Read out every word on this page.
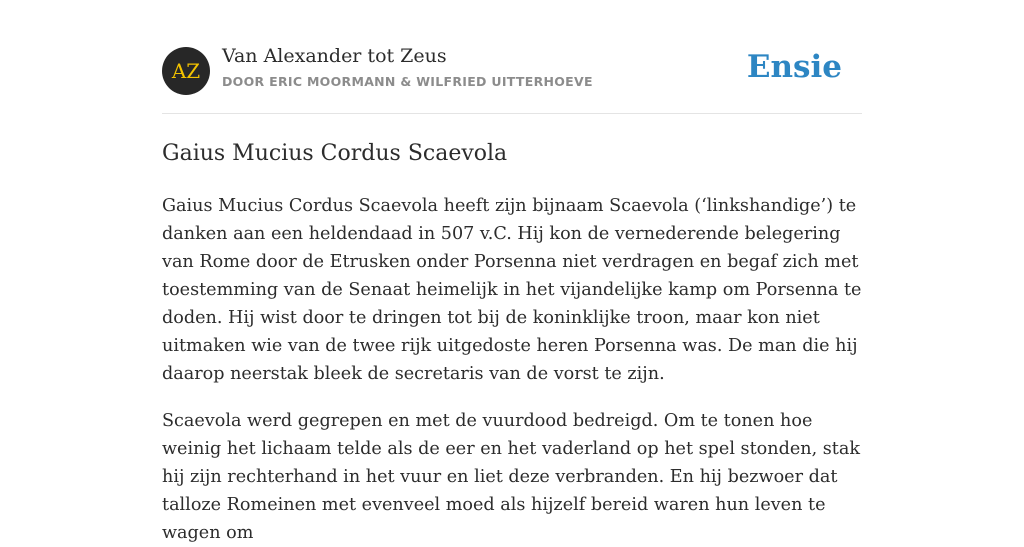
AZ
Van Alexander tot Zeus
DOOR ERIC MOORMANN & WILFRIED UITTERHOEVE	Ensie
Gaius Mucius Cordus Scaevola

Gaius Mucius Cordus Scaevola heeft zijn bijnaam Scaevola (‘linkshandige’) te danken aan een heldendaad in 507 v.C. Hij kon de vernederende belegering van Rome door de Etrusken onder Porsenna niet verdragen en begaf zich met toestemming van de Senaat heimelijk in het vijandelijke kamp om Porsenna te doden. Hij wist door te dringen tot bij de koninklijke troon, maar kon niet uitmaken wie van de twee rijk uitgedoste heren Porsenna was. De man die hij daarop neerstak bleek de secretaris van de vorst te zijn.

Scaevola werd gegrepen en met de vuurdood bedreigd. Om te tonen hoe weinig het lichaam telde als de eer en het vaderland op het spel stonden, stak hij zijn rechterhand in het vuur en liet deze verbranden. En hij bezwoer dat talloze Romeinen met evenveel moed als hijzelf bereid waren hun leven te wagen om
